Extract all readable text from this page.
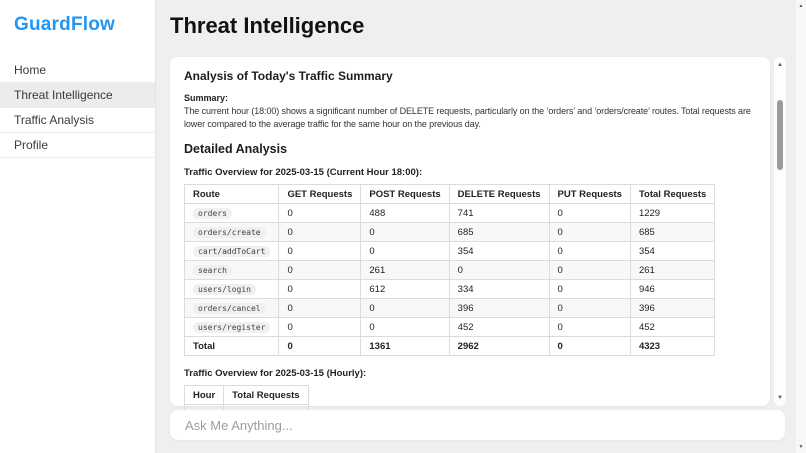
GuardFlow
Home
Threat Intelligence
Traffic Analysis
Profile
Threat Intelligence
Analysis of Today's Traffic Summary
Summary:
The current hour (18:00) shows a significant number of DELETE requests, particularly on the ‘orders’ and ‘orders/create’ routes. Total requests are lower compared to the average traffic for the same hour on the previous day.
Detailed Analysis
Traffic Overview for 2025-03-15 (Current Hour 18:00):
Route	GET Requests	POST Requests	DELETE Requests	PUT Requests	Total Requests
orders	0	488	741	0	1229
orders/create	0	0	685	0	685
cart/addToCart	0	0	354	0	354
search	0	261	0	0	261
users/login	0	612	334	0	946
orders/cancel	0	0	396	0	396
users/register	0	0	452	0	452
Total	0	1361	2962	0	4323
Traffic Overview for 2025-03-15 (Hourly):
Hour	Total Requests

▲
▼
Ask Me Anything...
▲
▼
